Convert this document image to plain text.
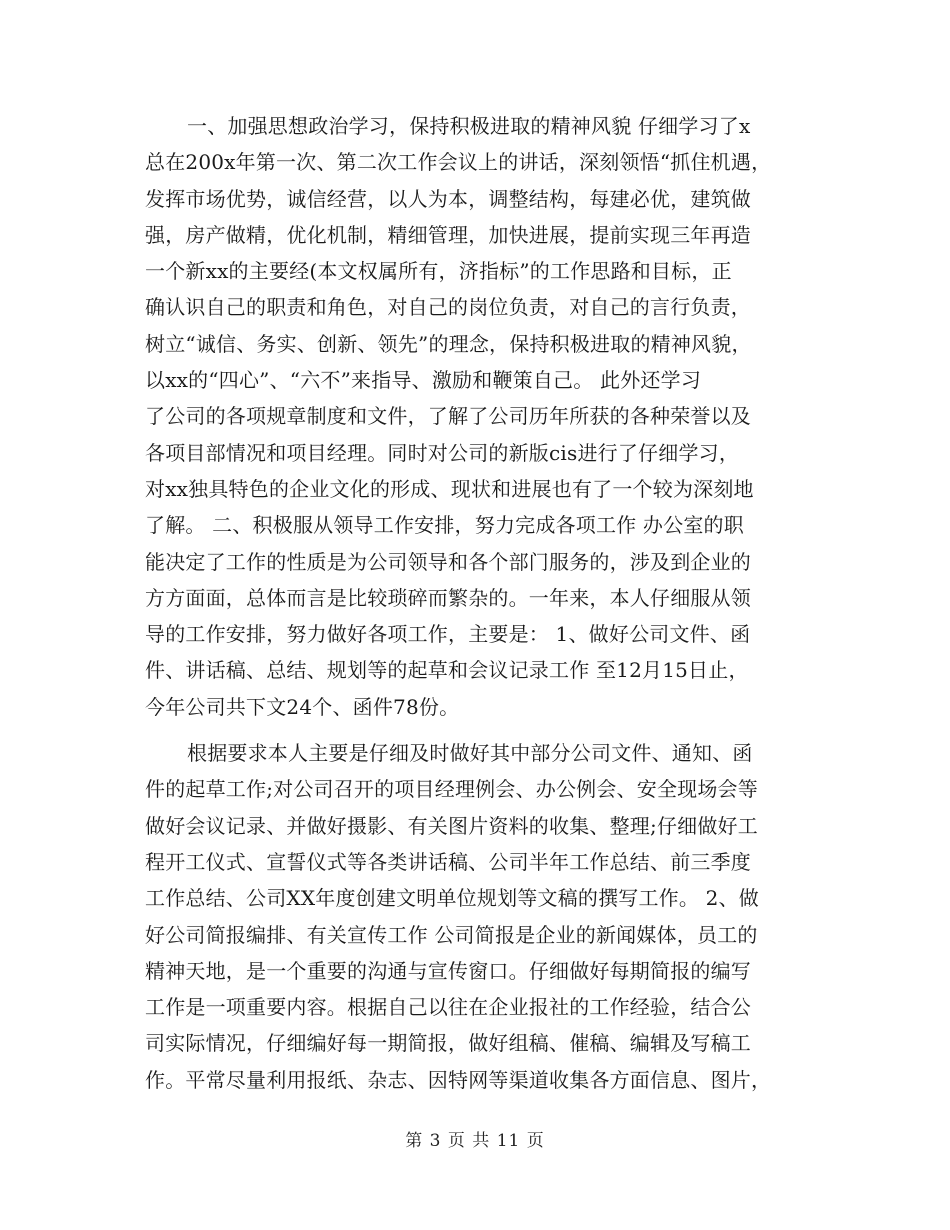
一、加强思想政治学习，保持积极进取的精神风貌 仔细学习了x
总在200x年第一次、第二次工作会议上的讲话，深刻领悟“抓住机遇，
发挥市场优势，诚信经营，以人为本，调整结构，每建必优，建筑做
强，房产做精，优化机制，精细管理，加快进展，提前实现三年再造
一个新xx的主要经(本文权属所有，济指标”的工作思路和目标，正
确认识自己的职责和角色，对自己的岗位负责，对自己的言行负责，
树立“诚信、务实、创新、领先”的理念，保持积极进取的精神风貌，
以xx的“四心”、“六不”来指导、激励和鞭策自己。 此外还学习
了公司的各项规章制度和文件，了解了公司历年所获的各种荣誉以及
各项目部情况和项目经理。同时对公司的新版cis进行了仔细学习，
对xx独具特色的企业文化的形成、现状和进展也有了一个较为深刻地
了解。 二、积极服从领导工作安排，努力完成各项工作 办公室的职
能决定了工作的性质是为公司领导和各个部门服务的，涉及到企业的
方方面面，总体而言是比较琐碎而繁杂的。一年来，本人仔细服从领
导的工作安排，努力做好各项工作，主要是： 1、做好公司文件、函
件、讲话稿、总结、规划等的起草和会议记录工作 至12月15日止，
今年公司共下文24个、函件78份。
根据要求本人主要是仔细及时做好其中部分公司文件、通知、函
件的起草工作;对公司召开的项目经理例会、办公例会、安全现场会等
做好会议记录、并做好摄影、有关图片资料的收集、整理;仔细做好工
程开工仪式、宣誓仪式等各类讲话稿、公司半年工作总结、前三季度
工作总结、公司XX年度创建文明单位规划等文稿的撰写工作。 2、做
好公司简报编排、有关宣传工作 公司简报是企业的新闻媒体，员工的
精神天地，是一个重要的沟通与宣传窗口。仔细做好每期简报的编写
工作是一项重要内容。根据自己以往在企业报社的工作经验，结合公
司实际情况，仔细编好每一期简报，做好组稿、催稿、编辑及写稿工
作。平常尽量利用报纸、杂志、因特网等渠道收集各方面信息、图片，
第 3 页 共 11 页
